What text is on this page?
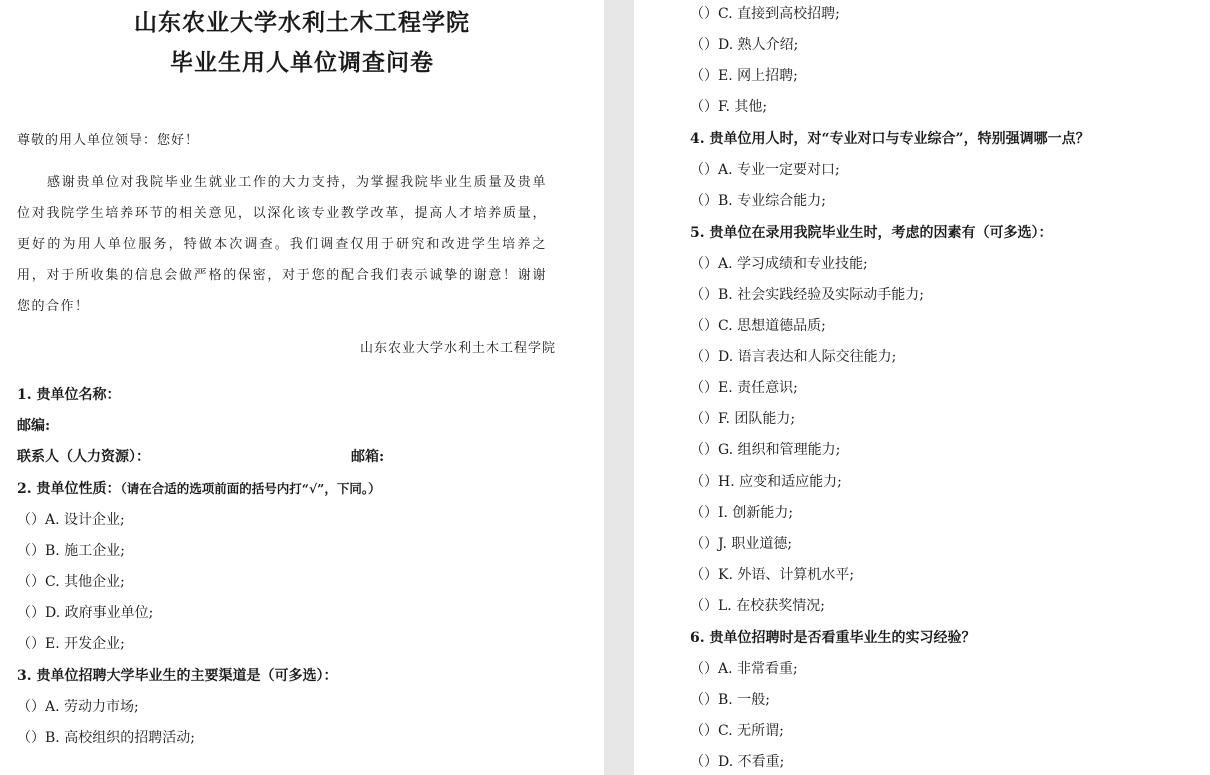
山东农业大学水利土木工程学院
毕业生用人单位调查问卷
尊敬的用人单位领导：您好！
感谢贵单位对我院毕业生就业工作的大力支持，为掌握我院毕业生质量及贵单位对我院学生培养环节的相关意见，以深化该专业教学改革，提高人才培养质量，更好的为用人单位服务，特做本次调查。我们调查仅用于研究和改进学生培养之用，对于所收集的信息会做严格的保密，对于您的配合我们表示诚挚的谢意！谢谢您的合作！
山东农业大学水利土木工程学院
1. 贵单位名称：
邮编:
联系人（人力资源）：	邮箱:
2. 贵单位性质：（请在合适的选项前面的括号内打“√”，下同。）
（）A. 设计企业;
（）B. 施工企业;
（）C. 其他企业;
（）D. 政府事业单位;
（）E. 开发企业;
3. 贵单位招聘大学毕业生的主要渠道是（可多选）：
（）A. 劳动力市场;
（）B. 高校组织的招聘活动;
（）C. 直接到高校招聘;
（）D. 熟人介绍;
（）E. 网上招聘;
（）F. 其他;
4. 贵单位用人时，对“专业对口与专业综合”，特别强调哪一点？
（）A. 专业一定要对口;
（）B. 专业综合能力;
5. 贵单位在录用我院毕业生时，考虑的因素有（可多选）：
（）A. 学习成绩和专业技能;
（）B. 社会实践经验及实际动手能力;
（）C. 思想道德品质;
（）D. 语言表达和人际交往能力;
（）E. 责任意识;
（）F. 团队能力;
（）G. 组织和管理能力;
（）H. 应变和适应能力;
（）I. 创新能力;
（）J. 职业道德;
（）K. 外语、计算机水平;
（）L. 在校获奖情况;
6. 贵单位招聘时是否看重毕业生的实习经验？
（）A. 非常看重;
（）B. 一般;
（）C. 无所谓;
（）D. 不看重;
